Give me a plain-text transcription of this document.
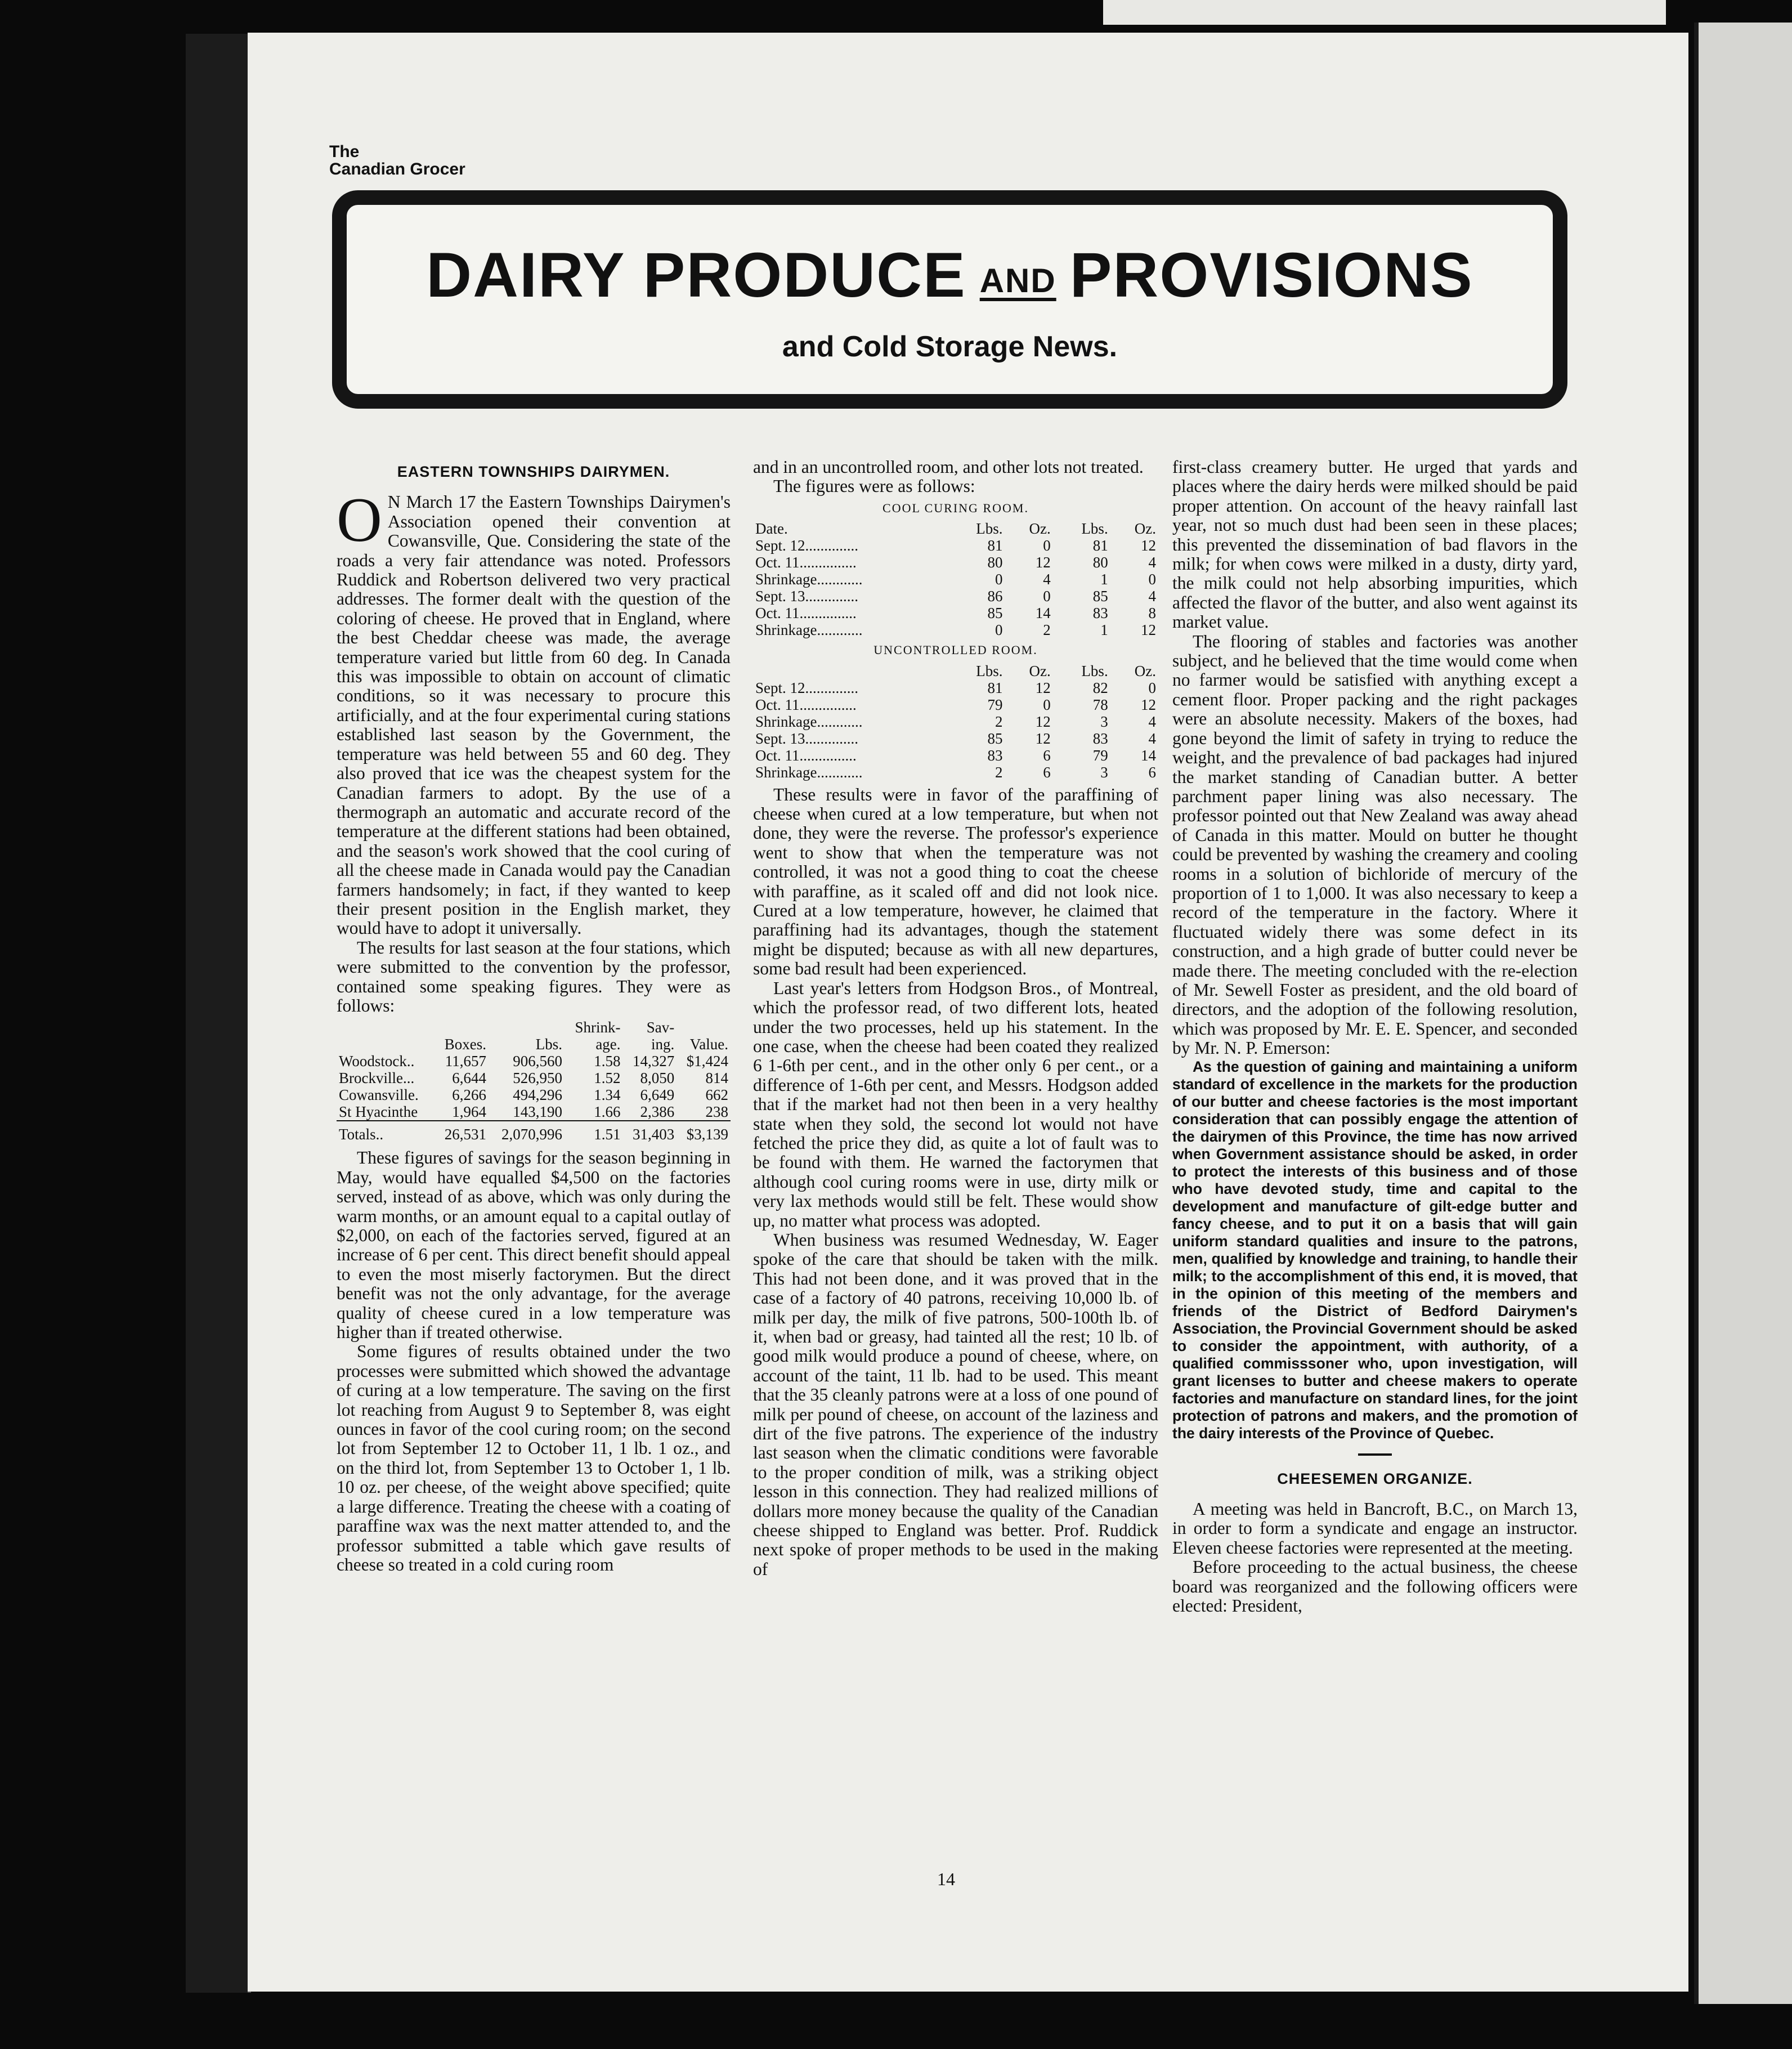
The
Canadian Grocer
DAIRY PRODUCE AND PROVISIONS
and Cold Storage News.
EASTERN TOWNSHIPS DAIRYMEN.

O N March 17 the Eastern Townships Dairymen's Association opened their convention at Cowansville, Que. Considering the state of the roads a very fair attendance was noted. Professors Ruddick and Robertson delivered two very practical addresses. The former dealt with the question of the coloring of cheese. He proved that in England, where the best Cheddar cheese was made, the average temperature varied but little from 60 deg. In Canada this was impossible to obtain on account of climatic conditions, so it was necessary to procure this artificially, and at the four experimental curing stations established last season by the Government, the temperature was held between 55 and 60 deg. They also proved that ice was the cheapest system for the Canadian farmers to adopt. By the use of a thermograph an automatic and accurate record of the temperature at the different stations had been obtained, and the season's work showed that the cool curing of all the cheese made in Canada would pay the Canadian farmers handsomely; in fact, if they wanted to keep their present position in the English market, they would have to adopt it universally.

The results for last season at the four stations, which were submitted to the convention by the professor, contained some speaking figures. They were as follows:

			Shrink-	Sav-	
	Boxes.	Lbs.	age.	ing.	Value.
Woodstock..	11,657	906,560	1.58	14,327	$1,424
Brockville...	6,644	526,950	1.52	8,050	814
Cowansville.	6,266	494,296	1.34	6,649	662
St Hyacinthe	1,964	143,190	1.66	2,386	238
Totals..	26,531	2,070,996	1.51	31,403	$3,139

These figures of savings for the season beginning in May, would have equalled $4,500 on the factories served, instead of as above, which was only during the warm months, or an amount equal to a capital outlay of $2,000, on each of the factories served, figured at an increase of 6 per cent. This direct benefit should appeal to even the most miserly factorymen. But the direct benefit was not the only advantage, for the average quality of cheese cured in a low temperature was higher than if treated otherwise.

Some figures of results obtained under the two processes were submitted which showed the advantage of curing at a low temperature. The saving on the first lot reaching from August 9 to September 8, was eight ounces in favor of the cool curing room; on the second lot from September 12 to October 11, 1 lb. 1 oz., and on the third lot, from September 13 to October 1, 1 lb. 10 oz. per cheese, of the weight above specified; quite a large difference. Treating the cheese with a coating of paraffine wax was the next matter attended to, and the professor submitted a table which gave results of cheese so treated in a cold curing room

and in an uncontrolled room, and other lots not treated.

The figures were as follows:

COOL CURING ROOM.
Date.	Lbs.	Oz.	Lbs.	Oz.
Sept. 12..............	81	0	81	12
Oct. 11...............	80	12	80	4
Shrinkage............	0	4	1	0
Sept. 13..............	86	0	85	4
Oct. 11...............	85	14	83	8
Shrinkage............	0	2	1	12
UNCONTROLLED ROOM.
	Lbs.	Oz.	Lbs.	Oz.
Sept. 12..............	81	12	82	0
Oct. 11...............	79	0	78	12
Shrinkage............	2	12	3	4
Sept. 13..............	85	12	83	4
Oct. 11...............	83	6	79	14
Shrinkage............	2	6	3	6

These results were in favor of the paraffining of cheese when cured at a low temperature, but when not done, they were the reverse. The professor's experience went to show that when the temperature was not controlled, it was not a good thing to coat the cheese with paraffine, as it scaled off and did not look nice. Cured at a low temperature, however, he claimed that paraffining had its advantages, though the statement might be disputed; because as with all new departures, some bad result had been experienced.

Last year's letters from Hodgson Bros., of Montreal, which the professor read, of two different lots, heated under the two processes, held up his statement. In the one case, when the cheese had been coated they realized 6 1-6th per cent., and in the other only 6 per cent., or a difference of 1-6th per cent, and Messrs. Hodgson added that if the market had not then been in a very healthy state when they sold, the second lot would not have fetched the price they did, as quite a lot of fault was to be found with them. He warned the factorymen that although cool curing rooms were in use, dirty milk or very lax methods would still be felt. These would show up, no matter what process was adopted.

When business was resumed Wednesday, W. Eager spoke of the care that should be taken with the milk. This had not been done, and it was proved that in the case of a factory of 40 patrons, receiving 10,000 lb. of milk per day, the milk of five patrons, 500-100th lb. of it, when bad or greasy, had tainted all the rest; 10 lb. of good milk would produce a pound of cheese, where, on account of the taint, 11 lb. had to be used. This meant that the 35 cleanly patrons were at a loss of one pound of milk per pound of cheese, on account of the laziness and dirt of the five patrons. The experience of the industry last season when the climatic conditions were favorable to the proper condition of milk, was a striking object lesson in this connection. They had realized millions of dollars more money because the quality of the Canadian cheese shipped to England was better. Prof. Ruddick next spoke of proper methods to be used in the making of

first-class creamery butter. He urged that yards and places where the dairy herds were milked should be paid proper attention. On account of the heavy rainfall last year, not so much dust had been seen in these places; this prevented the dissemination of bad flavors in the milk; for when cows were milked in a dusty, dirty yard, the milk could not help absorbing impurities, which affected the flavor of the butter, and also went against its market value.

The flooring of stables and factories was another subject, and he believed that the time would come when no farmer would be satisfied with anything except a cement floor. Proper packing and the right packages were an absolute necessity. Makers of the boxes, had gone beyond the limit of safety in trying to reduce the weight, and the prevalence of bad packages had injured the market standing of Canadian butter. A better parchment paper lining was also necessary. The professor pointed out that New Zealand was away ahead of Canada in this matter. Mould on butter he thought could be prevented by washing the creamery and cooling rooms in a solution of bichloride of mercury of the proportion of 1 to 1,000. It was also necessary to keep a record of the temperature in the factory. Where it fluctuated widely there was some defect in its construction, and a high grade of butter could never be made there. The meeting concluded with the re-election of Mr. Sewell Foster as president, and the old board of directors, and the adoption of the following resolution, which was proposed by Mr. E. E. Spencer, and seconded by Mr. N. P. Emerson:

As the question of gaining and maintaining a uniform standard of excellence in the markets for the production of our butter and cheese factories is the most important consideration that can possibly engage the attention of the dairymen of this Province, the time has now arrived when Government assistance should be asked, in order to protect the interests of this business and of those who have devoted study, time and capital to the development and manufacture of gilt-edge butter and fancy cheese, and to put it on a basis that will gain uniform standard qualities and insure to the patrons, men, qualified by knowledge and training, to handle their milk; to the accomplishment of this end, it is moved, that in the opinion of this meeting of the members and friends of the District of Bedford Dairymen's Association, the Provincial Government should be asked to consider the appointment, with authority, of a qualified commisssoner who, upon investigation, will grant licenses to butter and cheese makers to operate factories and manufacture on standard lines, for the joint protection of patrons and makers, and the promotion of the dairy interests of the Province of Quebec.

CHEESEMEN ORGANIZE.

A meeting was held in Bancroft, B.C., on March 13, in order to form a syndicate and engage an instructor. Eleven cheese factories were represented at the meeting.

Before proceeding to the actual business, the cheese board was reorganized and the following officers were elected: President,

14
